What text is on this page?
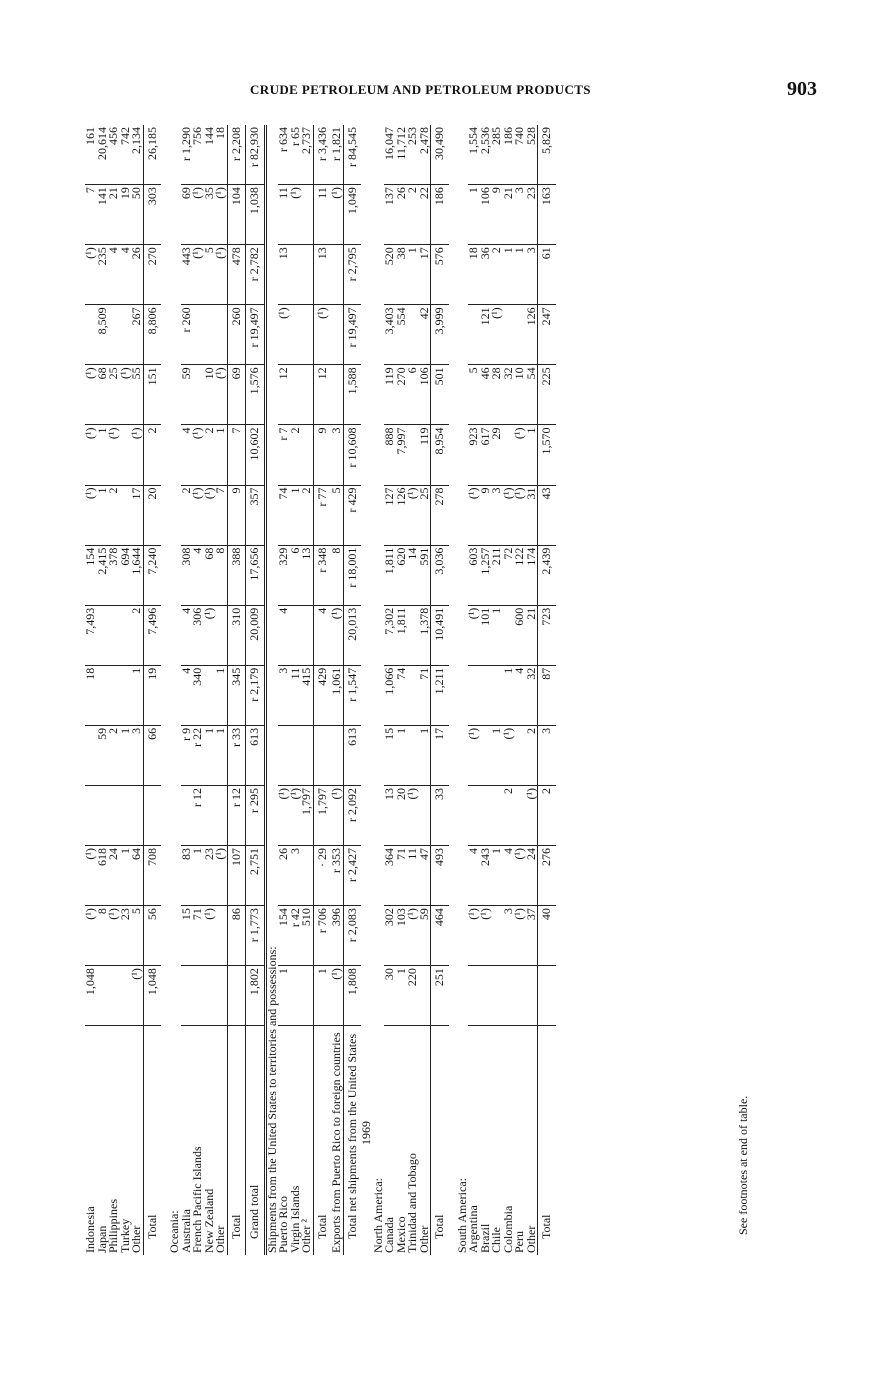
CRUDE PETROLEUM AND PETROLEUM PRODUCTS	903
Indonesia	1,048	(¹)	(¹)			18	7,493	154	(¹)	(¹)	(¹)		(¹)	7	161
Japan		8	618		59			2,415	1	1	68	8,509	235	141	20,614
Philippines		(¹)	24		2			378	2	(¹)	25		4	21	456
Turkey		23	1		1			694			(¹)		4	19	742
Other	(¹)	5	64		3	1	2	1,644	17	(¹)	55	267	26	50	2,134
Total	1,048	56	708		66	19	7,496	7,240	20	2	151	8,806	270	303	26,185

Oceania:															
Australia		15	83		r 9	4	4	308	2	4	59	r 260	443	69	r 1,290
French Pacific Islands		71	1	r 12	r 22	340	306	4	(¹)	(¹)			(¹)	(¹)	756
New Zealand		(¹)	23		1		(¹)	68	(¹)	2	10		5	35	144
Other			(¹)		1	1		8	7	1	(¹)		(¹)	(¹)	18
Total		86	107	r 12	r 33	345	310	388	9	7	69	260	478	104	r 2,208
Grand total	1,802	r 1,773	2,751	r 295	613	r 2,179	20,009	17,656	357	10,602	1,576	r 19,497	r 2,782	1,038	r 82,930
Shipments from the United States to territories and possessions:															
Puerto Rico	1	154	26	(¹)		3	4	329	74	r 7	12	(¹)	13	11	r 634
Virgin Islands		r 42	3	(¹)		11		6	1	2				(¹)	r 65
Other ²		510		1,797		415		13	2						2,737
Total	1	r 706	· 29	1,797		429	4	r 348	r 77	9	12	(¹)	13	11	r 3,436
Exports from Puerto Rico to foreign countries	(¹)	396	r 353	(¹)		1,061	(¹)	8	5	3				(¹)	r 1,821
Total net shipments from the United States	1,808	r 2,083	r 2,427	r 2,092	613	r 1,547	20,013	r 18,001	r 429	r 10,608	1,588	r 19,497	r 2,795	1,049	r 84,545
1969															
North America:															
Canada	30	302	364	13	15	1,066	7,302	1,811	127	888	119	3,403	520	137	16,047
Mexico	1	103	71	20	1	74	1,811	620	126	7,997	270	554	38	26	11,712
Trinidad and Tobago	220	(¹)	11	(¹)				14	(¹)		6		1	2	253
Other		59	47		1	71	1,378	591	25	119	106	42	17	22	2,478
Total	251	464	493	33	17	1,211	10,491	3,036	278	8,954	501	3,999	576	186	30,490

South America:															
Argentina		(¹)	4		(¹)		(¹)	603	(¹)	923	5		18	1	1,554
Brazil		(¹)	243				101	1,257	9	617	46	121	36	106	2,536
Chile			1		1		1	211	3	29	28	(¹)	2	9	285
Colombia		3	4	2	(¹)	1		72	(¹)		32		1	21	186
Peru		(¹)	(¹)			4	600	122	(¹)	(¹)	10		1	3	740
Other		37	24	(¹)	2	32	21	174	31	1	54	126	3	23	528
Total		40	276	2	3	87	723	2,439	43	1,570	225	247	61	163	5,829
See footnotes at end of table.
